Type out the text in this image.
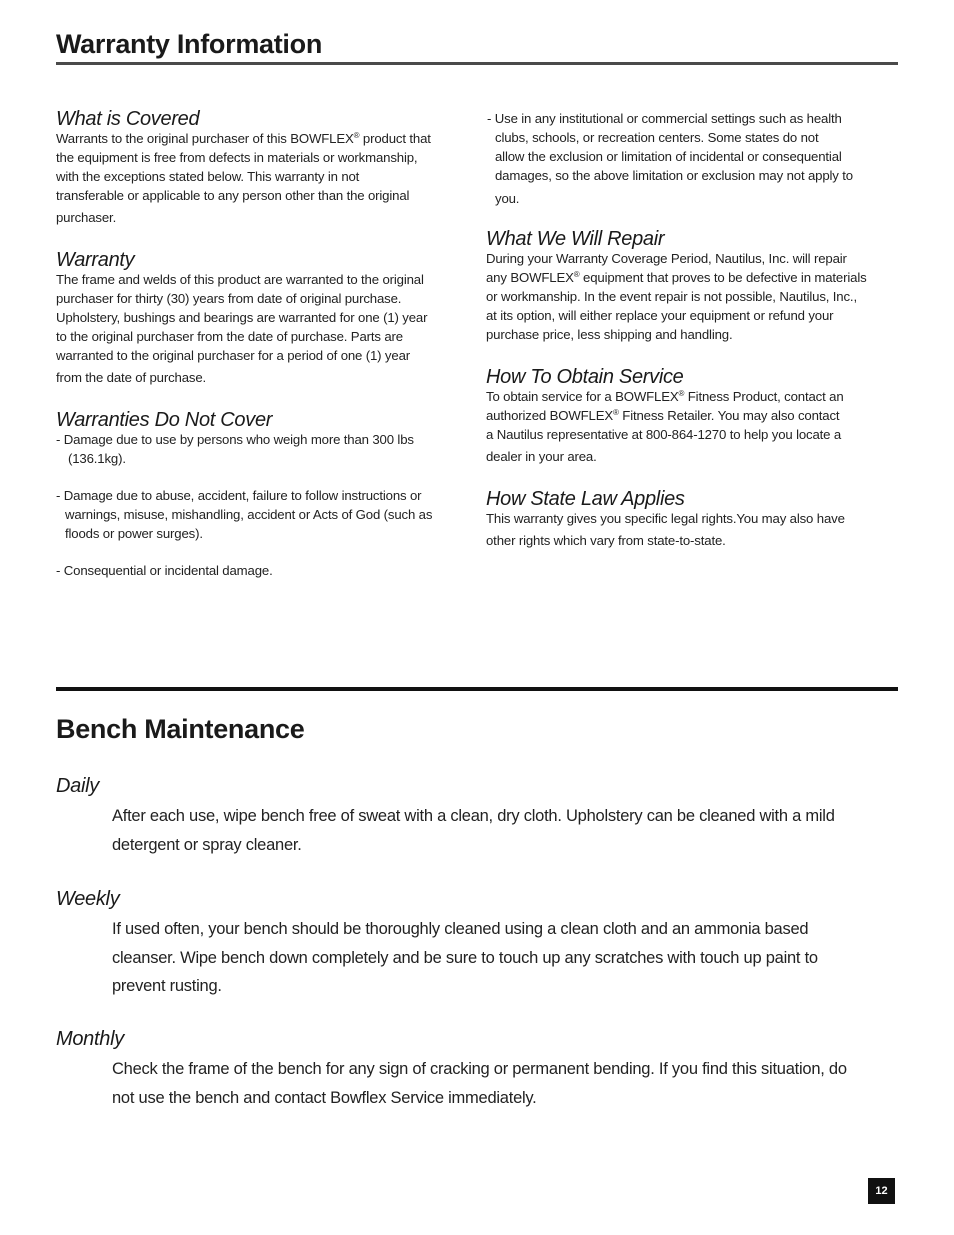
Warranty Information
What is Covered

Warrants to the original purchaser of this BOWFLEX® product that

the equipment is free from defects in materials or workmanship,

with the exceptions stated below. This warranty in not

transferable or applicable to any person other than the original

purchaser.

Warranty

The frame and welds of this product are warranted to the original

purchaser for thirty (30) years from date of original purchase.

Upholstery, bushings and bearings are warranted for one (1) year

to the original purchaser from the date of purchase. Parts are

warranted to the original purchaser for a period of one (1) year

from the date of purchase.

Warranties Do Not Cover

- Damage due to use by persons who weigh more than 300 lbs

(136.1kg).

- Damage due to abuse, accident, failure to follow instructions or

warnings, misuse, mishandling, accident or Acts of God (such as

floods or power surges).

- Consequential or incidental damage.

- Use in any institutional or commercial settings such as health

clubs, schools, or recreation centers. Some states do not

allow the exclusion or limitation of incidental or consequential

damages, so the above limitation or exclusion may not apply to

you.

What We Will Repair

During your Warranty Coverage Period, Nautilus, Inc. will repair

any BOWFLEX® equipment that proves to be defective in materials

or workmanship. In the event repair is not possible, Nautilus, Inc.,

at its option, will either replace your equipment or refund your

purchase price, less shipping and handling.

How To Obtain Service

To obtain service for a BOWFLEX® Fitness Product, contact an

authorized BOWFLEX® Fitness Retailer. You may also contact

a Nautilus representative at 800-864-1270 to help you locate a

dealer in your area.

How State Law Applies

This warranty gives you specific legal rights.You may also have

other rights which vary from state-to-state.

Bench Maintenance
Daily

After each use, wipe bench free of sweat with a clean, dry cloth. Upholstery can be cleaned with a mild

detergent or spray cleaner.

Weekly

If used often, your bench should be thoroughly cleaned using a clean cloth and an ammonia based

cleanser. Wipe bench down completely and be sure to touch up any scratches with touch up paint to

prevent rusting.

Monthly

Check the frame of the bench for any sign of cracking or permanent bending. If you find this situation, do

not use the bench and contact Bowflex Service immediately.

12
